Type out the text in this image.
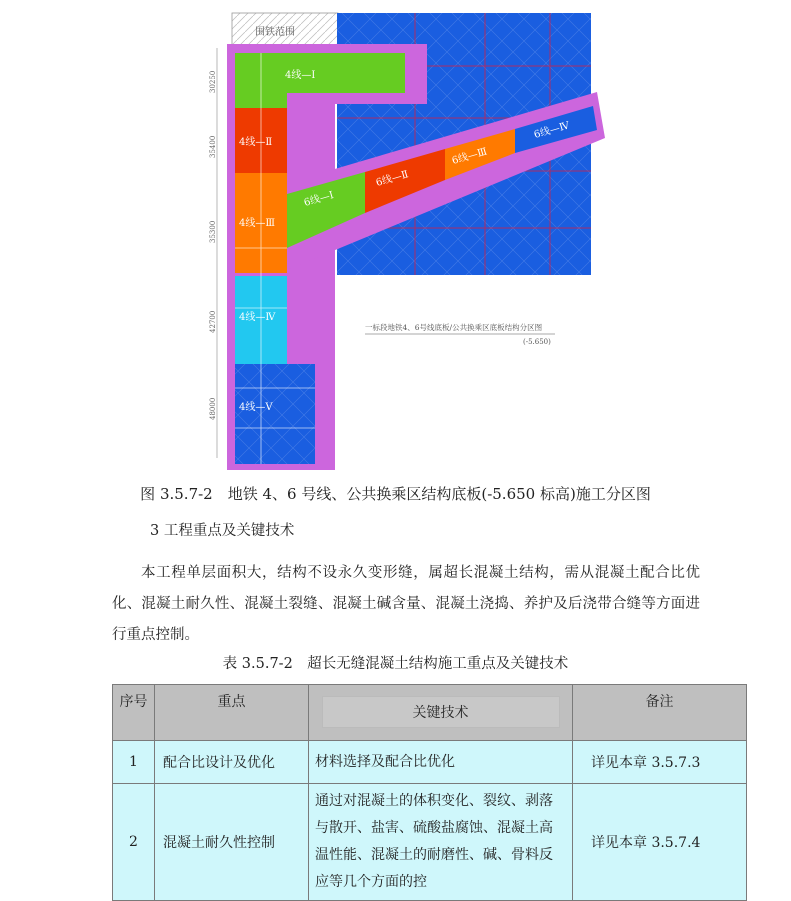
围铁范围
4线—Ⅰ
4线—Ⅱ
4线—Ⅲ
4线—Ⅳ
4线—Ⅴ
6线—Ⅰ
6线—Ⅱ
6线—Ⅲ
6线—Ⅳ
30250
35400
35300
42700
48000
一标段地铁4、6号线底板/公共换乘区底板结构分区图
(-5.650)
图 3.5.7-2　地铁 4、6 号线、公共换乘区结构底板(-5.650 标高)施工分区图
3 工程重点及关键技术
本工程单层面积大，结构不设永久变形缝，属超长混凝土结构，需从混凝土配合比优化、混凝土耐久性、混凝土裂缝、混凝土碱含量、混凝土浇捣、养护及后浇带合缝等方面进行重点控制。
表 3.5.7-2　超长无缝混凝土结构施工重点及关键技术
序号	重点	关键技术	备注
1	配合比设计及优化	材料选择及配合比优化	详见本章 3.5.7.3
2	混凝土耐久性控制	通过对混凝土的体积变化、裂纹、剥落与散开、盐害、硫酸盐腐蚀、混凝土高温性能、混凝土的耐磨性、碱、骨料反应等几个方面的控	详见本章 3.5.7.4
